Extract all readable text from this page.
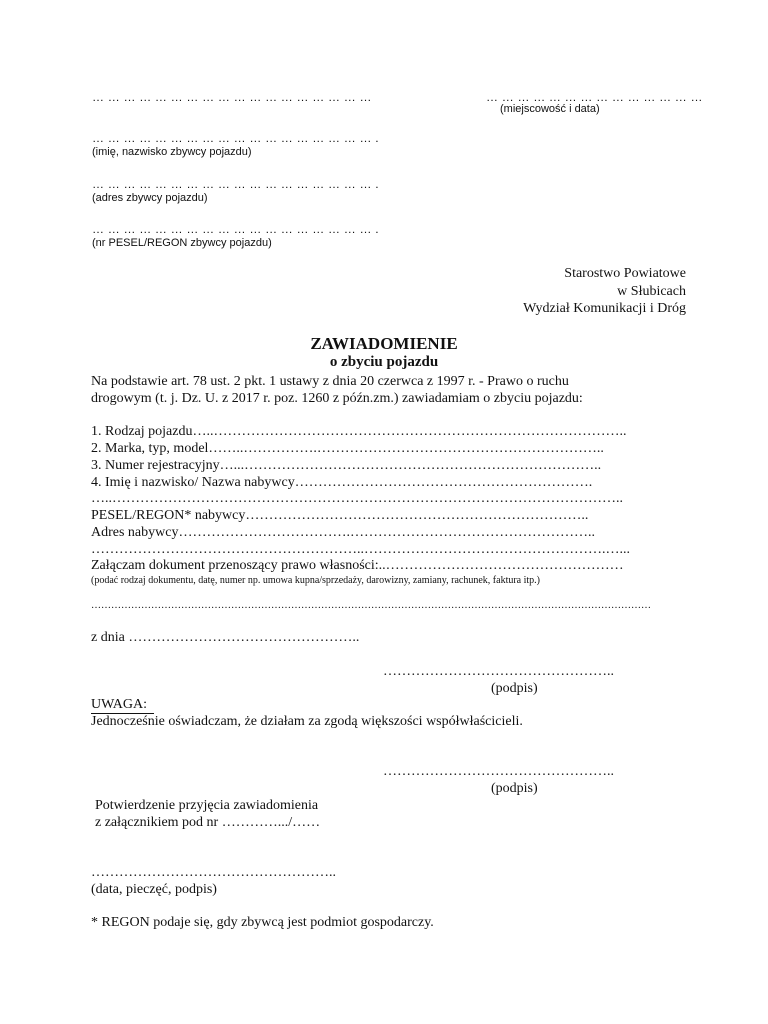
… … … … … … … … … … … … … … … … … …	… … … … … … … … … … … … … …
(miejscowość i data)
… … … … … … … … … … … … … … … … … … .
(imię, nazwisko zbywcy pojazdu)
… … … … … … … … … … … … … … … … … … .
(adres zbywcy pojazdu)
… … … … … … … … … … … … … … … … … … .
(nr PESEL/REGON zbywcy pojazdu)
Starostwo Powiatowe
w Słubicach
Wydział Komunikacji i Dróg
ZAWIADOMIENIE
o zbyciu pojazdu
Na podstawie art. 78 ust. 2 pkt. 1 ustawy z dnia 20 czerwca z 1997 r. - Prawo o ruchu
drogowym (t. j. Dz. U. z 2017 r. poz. 1260 z późn.zm.) zawiadamiam o zbyciu pojazdu:
1. Rodzaj pojazdu…..……………………………………………………………………………..
2. Marka, typ, model……..…………….……………………………………………………..
3. Numer rejestracyjny…...…………………………………………………………………..
4. Imię i nazwisko/ Nazwa nabywcy……………………………………………………….
…..………………………………………………………………………………………………..
PESEL/REGON* nabywcy………………………………………………………………..
Adres nabywcy……………………………….……………………………………………..
…………………………………………………..…………………………………………….…...
Załączam dokument przenoszący prawo własności:..……………………………………………
(podać rodzaj dokumentu, datę, numer np. umowa kupna/sprzedaży, darowizny, zamiany, rachunek, faktura itp.)
……………………………………………………………………………………………………………………………………………………
z dnia …………………………………………..
…………………………………………..
(podpis)
UWAGA:
Jednocześnie oświadczam, że działam za zgodą większości współwłaścicieli.
…………………………………………..
(podpis)
Potwierdzenie przyjęcia zawiadomienia
z załącznikiem pod nr ………….../……
……………………………………………..
(data, pieczęć, podpis)
* REGON podaje się, gdy zbywcą jest podmiot gospodarczy.
